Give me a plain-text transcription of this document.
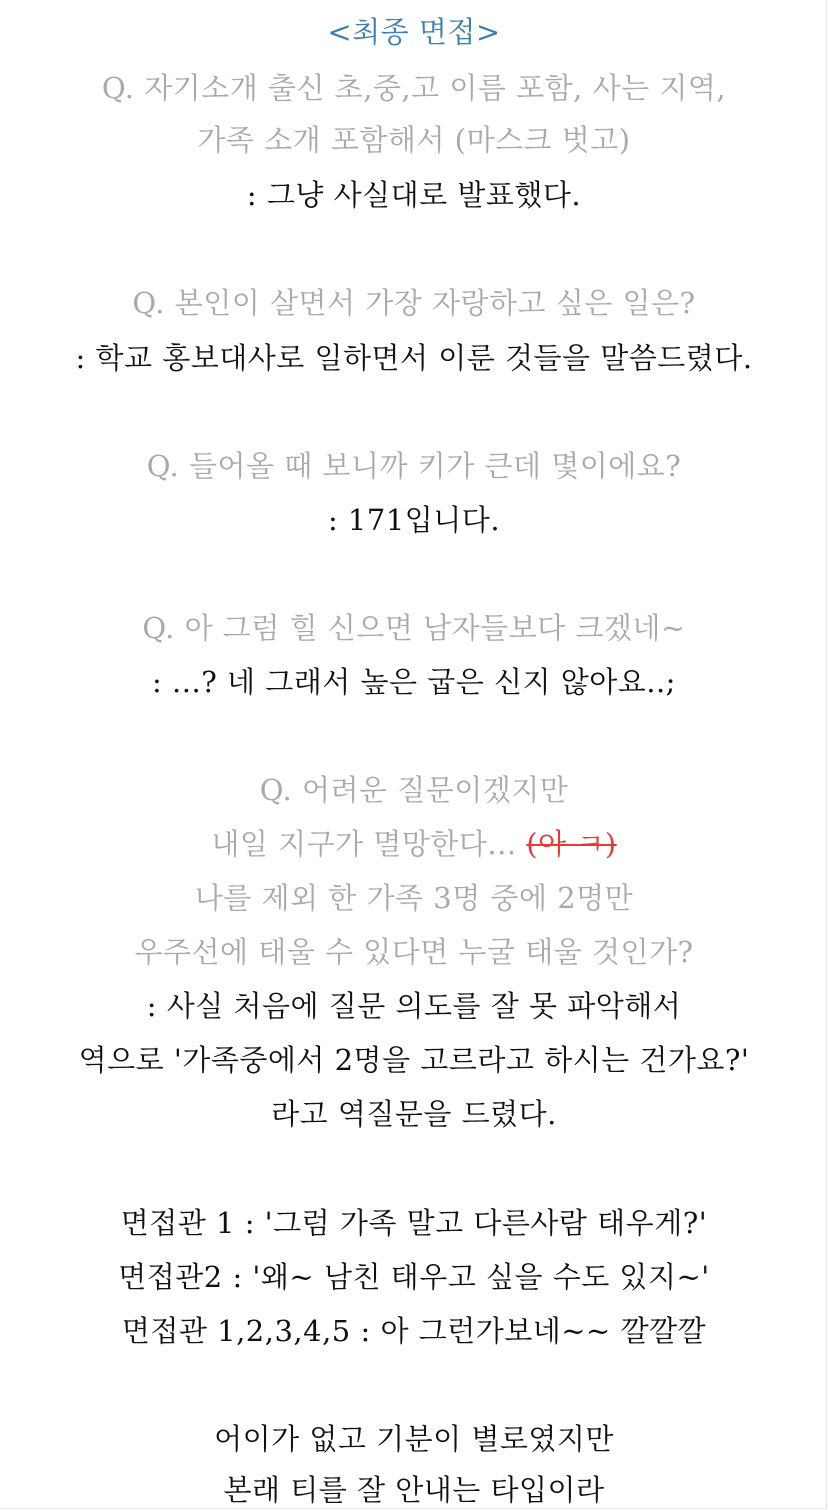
<최종 면접>
Q. 자기소개 출신 초,중,고 이름 포함, 사는 지역,
가족 소개 포함해서 (마스크 벗고)
: 그냥 사실대로 발표했다.
Q. 본인이 살면서 가장 자랑하고 싶은 일은?
: 학교 홍보대사로 일하면서 이룬 것들을 말씀드렸다.
Q. 들어올 때 보니까 키가 큰데 몇이에요?
: 171입니다.
Q. 아 그럼 힐 신으면 남자들보다 크겠네~
: ...? 네 그래서 높은 굽은 신지 않아요..;
Q. 어려운 질문이겠지만
내일 지구가 멸망한다... (아 ㅋ)
나를 제외 한 가족 3명 중에 2명만
우주선에 태울 수 있다면 누굴 태울 것인가?
: 사실 처음에 질문 의도를 잘 못 파악해서
역으로 '가족중에서 2명을 고르라고 하시는 건가요?'
라고 역질문을 드렸다.
면접관 1 : '그럼 가족 말고 다른사람 태우게?'
면접관2 : '왜~ 남친 태우고 싶을 수도 있지~'
면접관 1,2,3,4,5 : 아 그런가보네~~ 깔깔깔
어이가 없고 기분이 별로였지만
본래 티를 잘 안내는 타입이라
